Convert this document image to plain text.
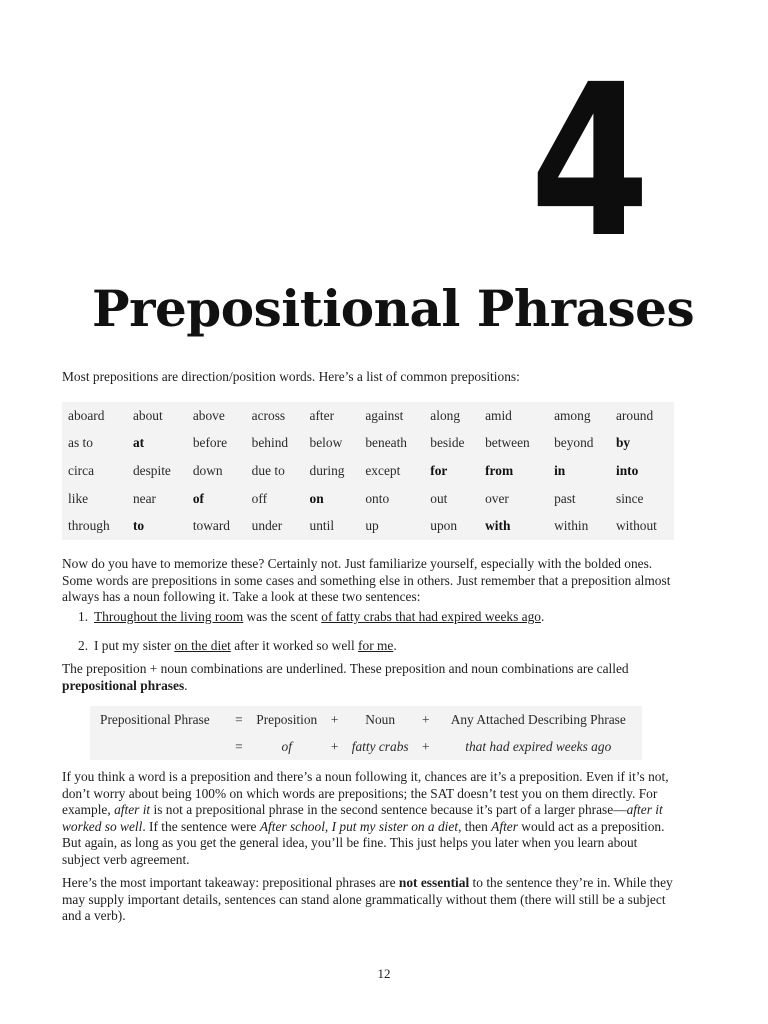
4
Prepositional Phrases

Most prepositions are direction/position words. Here’s a list of common prepositions:

aboard	about	above	across	after	against	along	amid	among	around
as to	at	before	behind	below	beneath	beside	between	beyond	by
circa	despite	down	due to	during	except	for	from	in	into
like	near	of	off	on	onto	out	over	past	since
through	to	toward	under	until	up	upon	with	within	without

Now do you have to memorize these? Certainly not. Just familiarize yourself, especially with the bolded ones. Some words are prepositions in some cases and something else in others. Just remember that a preposition almost always has a noun following it. Take a look at these two sentences:

1. Throughout the living room was the scent of fatty crabs that had expired weeks ago.
2. I put my sister on the diet after it worked so well for me.

The preposition + noun combinations are underlined. These preposition and noun combinations are called prepositional phrases.

Prepositional Phrase	=	Preposition	+	Noun	+	Any Attached Describing Phrase
	=	of	+	fatty crabs	+	that had expired weeks ago

If you think a word is a preposition and there’s a noun following it, chances are it’s a preposition. Even if it’s not, don’t worry about being 100% on which words are prepositions; the SAT doesn’t test you on them directly. For example, after it is not a prepositional phrase in the second sentence because it’s part of a larger phrase—after it worked so well. If the sentence were After school, I put my sister on a diet, then After would act as a preposition. But again, as long as you get the general idea, you’ll be fine. This just helps you later when you learn about subject verb agreement.

Here’s the most important takeaway: prepositional phrases are not essential to the sentence they’re in. While they may supply important details, sentences can stand alone grammatically without them (there will still be a subject and a verb).

12
